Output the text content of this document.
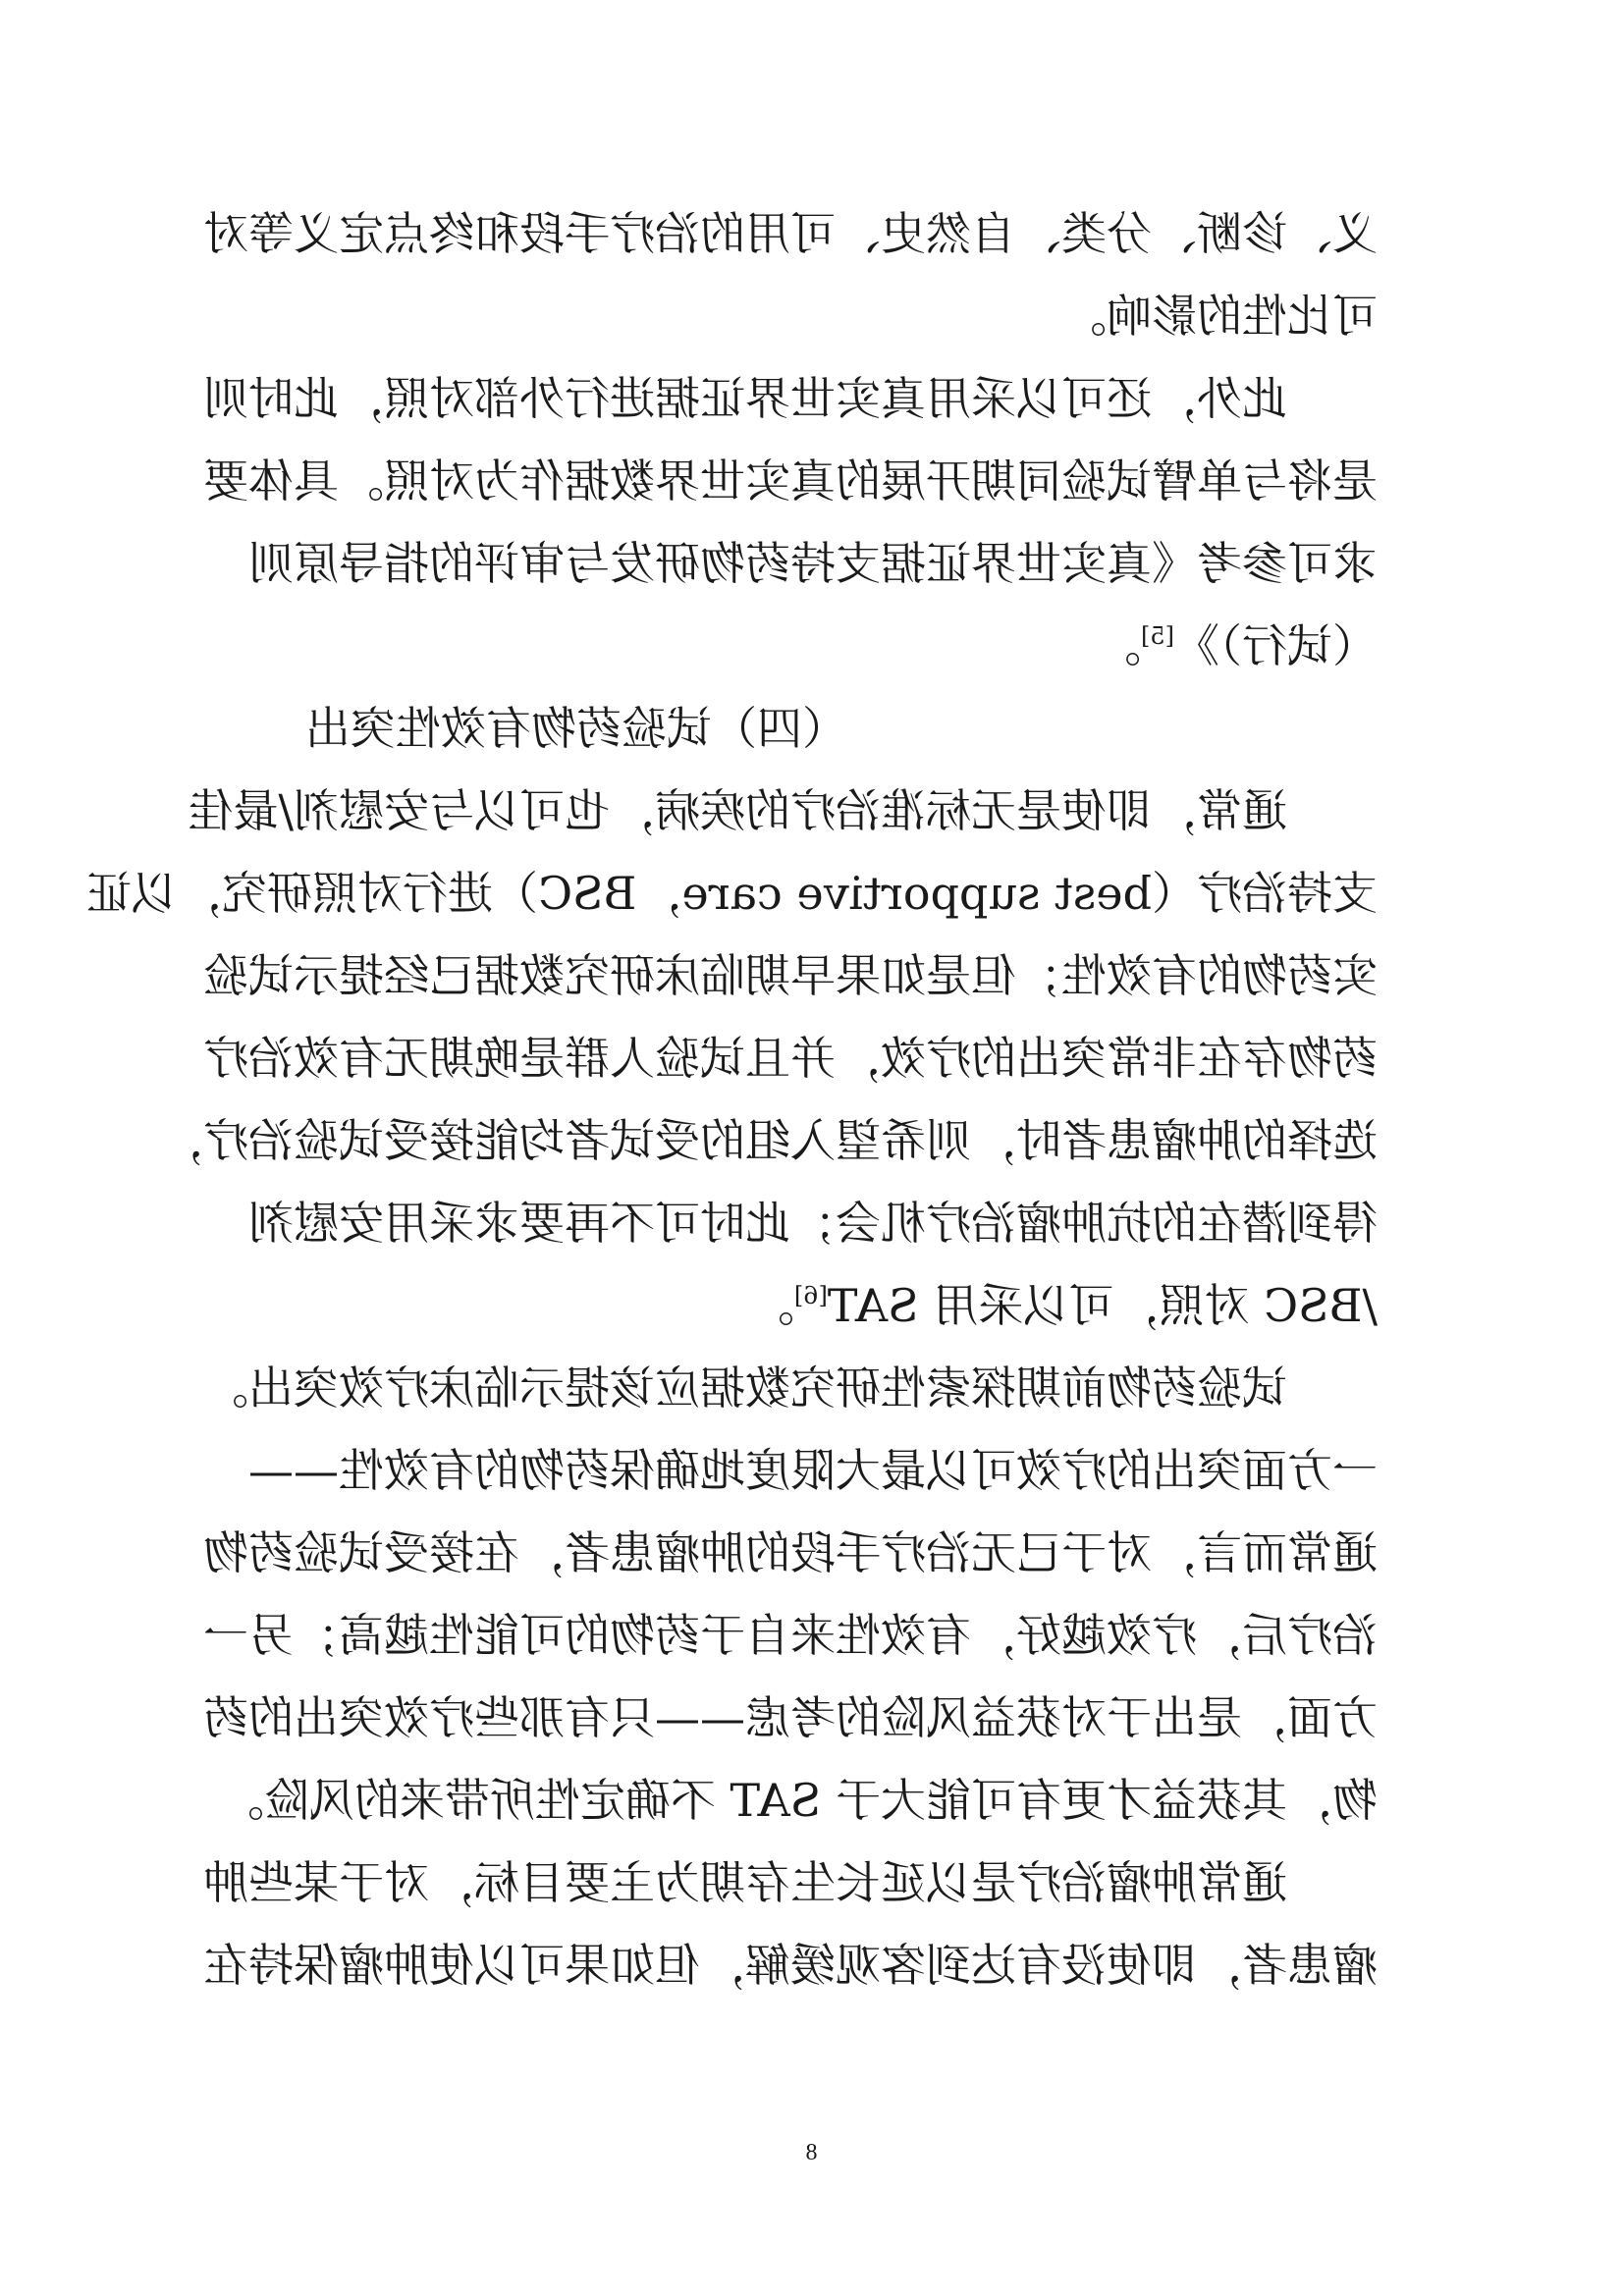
义、诊断、分类、自然史、可用的治疗手段和终点定义等对
可比性的影响。
此外，还可以采用真实世界证据进行外部对照，此时则
是将与单臂试验同期开展的真实世界数据作为对照。具体要
求可参考《真实世界证据支持药物研发与审评的指导原则
（试行）》[5]。
（四）试验药物有效性突出
通常，即使是无标准治疗的疾病，也可以与安慰剂/最佳
支持治疗（best supportive care，BSC）进行对照研究，以证
实药物的有效性；但是如果早期临床研究数据已经提示试验
药物存在非常突出的疗效，并且试验人群是晚期无有效治疗
选择的肿瘤患者时，则希望入组的受试者均能接受试验治疗，
得到潜在的抗肿瘤治疗机会；此时可不再要求采用安慰剂
/BSC 对照，可以采用 SAT[6]。
试验药物前期探索性研究数据应该提示临床疗效突出。
一方面突出的疗效可以最大限度地确保药物的有效性——
通常而言，对于已无治疗手段的肿瘤患者，在接受试验药物
治疗后，疗效越好，有效性来自于药物的可能性越高；另一
方面，是出于对获益风险的考虑——只有那些疗效突出的药
物，其获益才更有可能大于 SAT 不确定性所带来的风险。
通常肿瘤治疗是以延长生存期为主要目标，对于某些肿
瘤患者，即使没有达到客观缓解，但如果可以使肿瘤保持在
8
